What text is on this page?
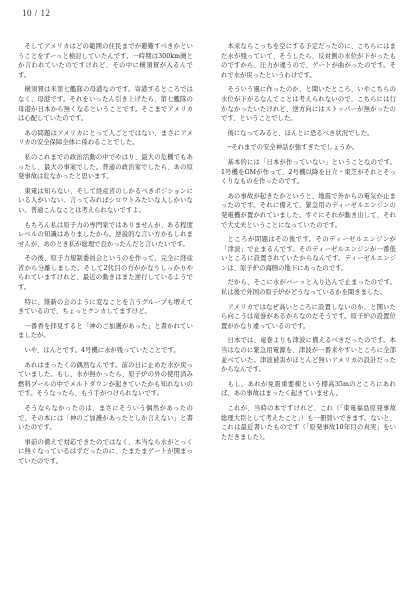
10 / 12

そしてアメリカはどの範囲の住民までが避難すべきかということをずーっと検討していたんです。一時期は300km圏とか言われていたのですけれど、その中に横須賀が入るんです。

横須賀は米第七艦隊の母港なのです。寄港するところではなく、母港です。それをいったん引き上げたら、第七艦隊の母港が日本から無くなるということです。そこまでアメリカは心配していたのです。

あの問題はアメリカにとって人ごとではない、まさにアメリカの安全保障全体に係わることでした。

私のこれまでの政治活動の中でやはり、最大の危機でもあったし、最大の事案でした。普通の政治家でしたら、あの原発事故は危なかったと思います。

東電は知らない、そして経産省のしかるべきポジションにいる人がいない。言ってみればシロウトみたいな人しかいない。普通こんなことは考えられないですよ。

もちろん私は原子力の専門家ではありませんが、ある程度レベルの知識はありましたから。逆説的な言い方かもしれませんが、あのとき私が総理で良かったんだと言いたいです。

その後、原子力規制委員会というのを作って、完全に経産省から分離しました。そして2代目の方がかなりしっかりやられていますけれど、最近の動きはまた逆行しているようです。

特に、維新の会のように変なことを言うグループも増えてきているので、ちょっとケンカしてますけど。

一番香を拝見すると「神のご加護があった」と書かれていましたが。

いや、ほんとです。4号機に水が残っていたことです。

あれはまったくの偶然なんです。前の日に止めた水が戻っていました。もし、水が無かったら、原子炉の外の使用済み燃料プールの中でメルトダウンが起きていたかも知れないのです。そうなったら、もう手がつけられないです。

そうならなかったのは、まさにそういう偶然があったので、その本には「神のご加護があったとしか言えない」と書いたのです。

事前の備えで対応できたのではなく、本当なら水がとっくに無くなっているはずだったのに、たまたまゲートが開まっていたのです。

本来ならこっちを空にする予定だったのに、こちらにはまだ水が残っていて、そうしたら、反対側の水位が下がったものですから、圧力が違うので、ゲートが曲がったのです。それで水が戻ったというわけです。

そういう風に作ったのか、と聞いたところ、いやこちらの水位が下がるなんてことは考えられないので、こちらには行かなかったいたけれど、逆方向にはストッパーが無かったのです、ということでした。

後になってみると、ほんとに恐るべき状況でした。

─それまでの安全神話が強すぎたでしょうか。

基本的には「日本が作っていない」ということなのです。1号機をGMが作って、2号機以降を日立・東芝がそれとそっくりなものを作ったのです。

あの事故が起きたかというと、地震で外からの電気が止まったのです。それに備えて、緊急用のディーゼルエンジンの発電機が置かれていました。すぐにそれが動き出して、それで大丈夫ということになっていたのです。

ところが問題はその後です。そのディーゼルエンジンが「津波」で止まるんです。そのディーゼルエンジンが一番低いところに設置されていたからなんです。ディーゼルエンジンは、原子炉の海側の地下にあったのです。

だから、そこに水がバーッと入り込んで止まったのです。私は後で外国の原子炉がどうなっているかを聞きました。

アメリカではなぜ高いところに設置しないのか、と開いたら向こうは竜巻があるからなのだそうです。原子炉の設置位置がかなり違っているのです。

日本では、竜巻よりも津波に備えるべきだったのです。本当はなのに緊急用電源を、津波が一番来やすいところに全部並べていた。津波被害がほとんど無いアメリカの設計だったからなんです。

もし、あれが免震重要棟という標高35mのところにあれば、あの事故はまったく起きていません。

これが、当時の本ですけれど、これ（「東電福島原発事故 総理大臣として考えたこと」）も一冊買いできます。ないと、これは最近書いたものです（「原発事故10年目の真実」をいただきました）。
